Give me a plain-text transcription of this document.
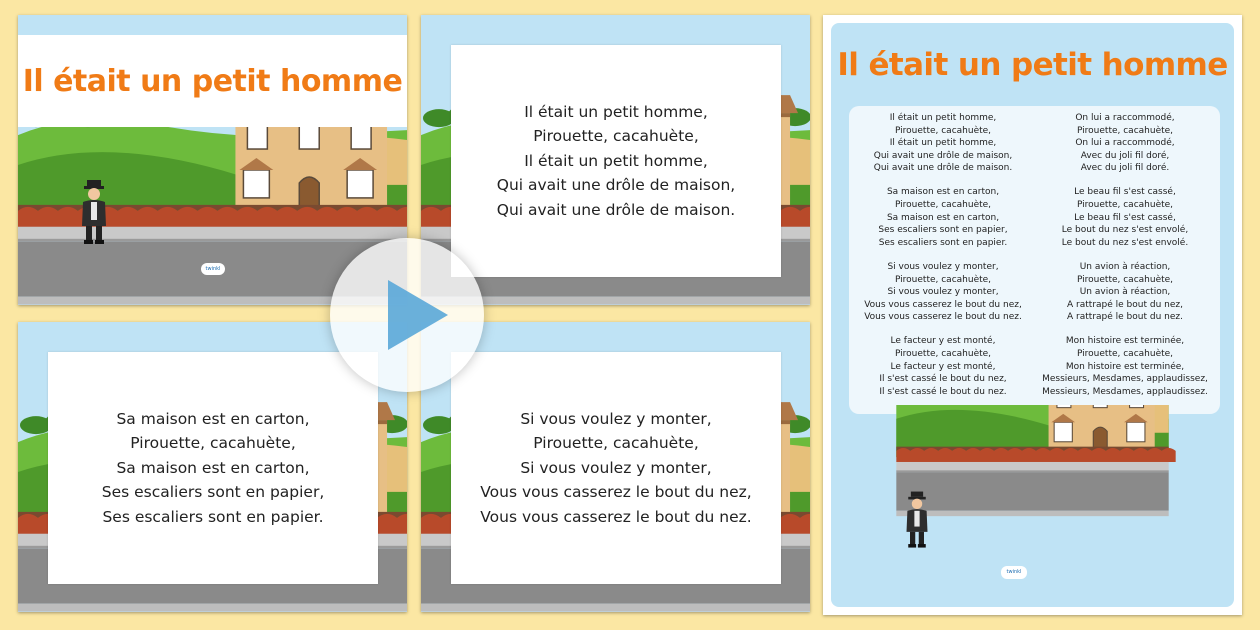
Il était un petit homme
twinkl
Il était un petit homme,
Pirouette, cacahuète,
Il était un petit homme,
Qui avait une drôle de maison,
Qui avait une drôle de maison.
Sa maison est en carton,
Pirouette, cacahuète,
Sa maison est en carton,
Ses escaliers sont en papier,
Ses escaliers sont en papier.
Si vous voulez y monter,
Pirouette, cacahuète,
Si vous voulez y monter,
Vous vous casserez le bout du nez,
Vous vous casserez le bout du nez.
Il était un petit homme
Il était un petit homme,
Pirouette, cacahuète,
Il était un petit homme,
Qui avait une drôle de maison,
Qui avait une drôle de maison.
Sa maison est en carton,
Pirouette, cacahuète,
Sa maison est en carton,
Ses escaliers sont en papier,
Ses escaliers sont en papier.
Si vous voulez y monter,
Pirouette, cacahuète,
Si vous voulez y monter,
Vous vous casserez le bout du nez,
Vous vous casserez le bout du nez.
Le facteur y est monté,
Pirouette, cacahuète,
Le facteur y est monté,
Il s'est cassé le bout du nez,
Il s'est cassé le bout du nez.
On lui a raccommodé,
Pirouette, cacahuète,
On lui a raccommodé,
Avec du joli fil doré,
Avec du joli fil doré.
Le beau fil s'est cassé,
Pirouette, cacahuète,
Le beau fil s'est cassé,
Le bout du nez s'est envolé,
Le bout du nez s'est envolé.
Un avion à réaction,
Pirouette, cacahuète,
Un avion à réaction,
A rattrapé le bout du nez,
A rattrapé le bout du nez.
Mon histoire est terminée,
Pirouette, cacahuète,
Mon histoire est terminée,
Messieurs, Mesdames, applaudissez,
Messieurs, Mesdames, applaudissez.
twinkl
